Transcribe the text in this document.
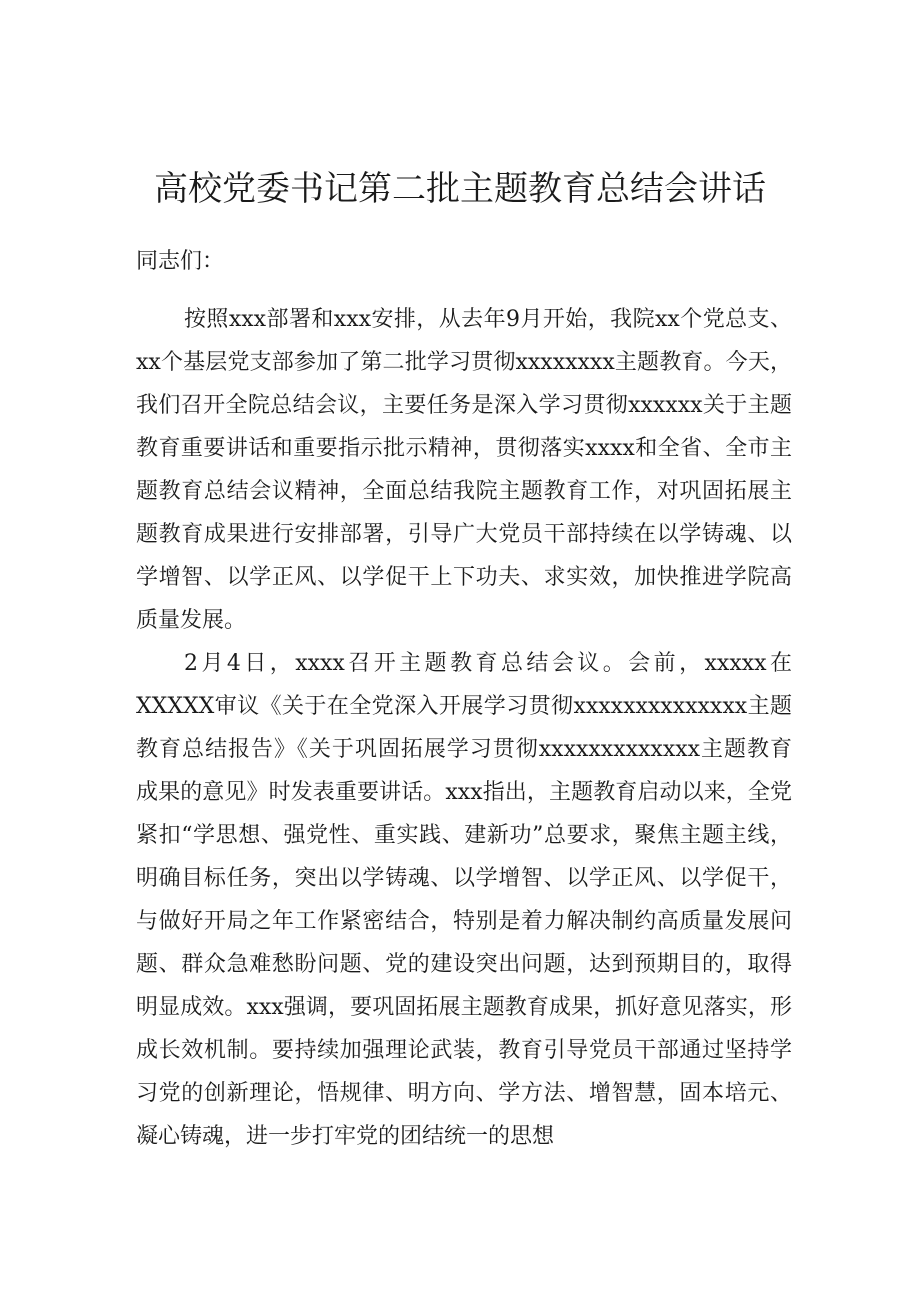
高校党委书记第二批主题教育总结会讲话

同志们：

按照xxx部署和xxx安排，从去年9月开始，我院xx个党总支、xx个基层党支部参加了第二批学习贯彻xxxxxxxx主题教育。今天，我们召开全院总结会议，主要任务是深入学习贯彻xxxxxx关于主题教育重要讲话和重要指示批示精神，贯彻落实xxxx和全省、全市主题教育总结会议精神，全面总结我院主题教育工作，对巩固拓展主题教育成果进行安排部署，引导广大党员干部持续在以学铸魂、以学增智、以学正风、以学促干上下功夫、求实效，加快推进学院高质量发展。

2月4日，xxxx召开主题教育总结会议。会前，xxxxx在XXXXX审议《关于在全党深入开展学习贯彻xxxxxxxxxxxxxx主题教育总结报告》《关于巩固拓展学习贯彻xxxxxxxxxxxxx主题教育成果的意见》时发表重要讲话。xxx指出，主题教育启动以来，全党紧扣“学思想、强党性、重实践、建新功”总要求，聚焦主题主线，明确目标任务，突出以学铸魂、以学增智、以学正风、以学促干，与做好开局之年工作紧密结合，特别是着力解决制约高质量发展问题、群众急难愁盼问题、党的建设突出问题，达到预期目的，取得明显成效。xxx强调，要巩固拓展主题教育成果，抓好意见落实，形成长效机制。要持续加强理论武装，教育引导党员干部通过坚持学习党的创新理论，悟规律、明方向、学方法、增智慧，固本培元、凝心铸魂，进一步打牢党的团结统一的思想
